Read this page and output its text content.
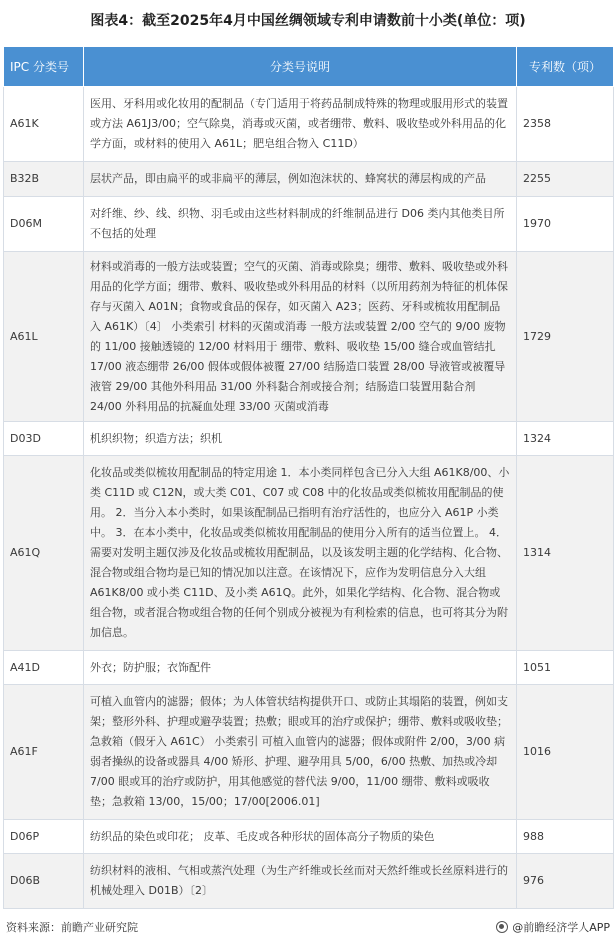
图表4：截至2025年4月中国丝绸领域专利申请数前十小类(单位：项)
IPC 分类号	分类号说明	专利数（项）
A61K	医用、牙科用或化妆用的配制品（专门适用于将药品制成特殊的物理或服用形式的装置或方法 A61J3/00；空气除臭，消毒或灭菌，或者绷带、敷料、吸收垫或外科用品的化学方面，或材料的使用入 A61L；肥皂组合物入 C11D）	2358
B32B	层状产品，即由扁平的或非扁平的薄层，例如泡沫状的、蜂窝状的薄层构成的产品	2255
D06M	对纤维、纱、线、织物、羽毛或由这些材料制成的纤维制品进行 D06 类内其他类目所不包括的处理	1970
A61L	材料或消毒的一般方法或装置；空气的灭菌、消毒或除臭；绷带、敷料、吸收垫或外科用品的化学方面；绷带、敷料、吸收垫或外科用品的材料（以所用药剂为特征的机体保存与灭菌入 A01N；食物或食品的保存，如灭菌入 A23；医药、牙科或梳妆用配制品入 A61K）〔4〕 小类索引 材料的灭菌或消毒 一般方法或装置 2/00 空气的 9/00 废物的 11/00 接触透镜的 12/00 材料用于 绷带、敷料、吸收垫 15/00 缝合或血管结扎 17/00 液态绷带 26/00 假体或假体被覆 27/00 结肠造口装置 28/00 导液管或被覆导液管 29/00 其他外科用品 31/00 外科黏合剂或接合剂；结肠造口装置用黏合剂 24/00 外科用品的抗凝血处理 33/00 灭菌或消毒	1729
D03D	机织织物；织造方法；织机	1324
A61Q	化妆品或类似梳妆用配制品的特定用途 1．本小类同样包含已分入大组 A61K8/00、小类 C11D 或 C12N，或大类 C01、C07 或 C08 中的化妆品或类似梳妆用配制品的使用。 2．当分入本小类时，如果该配制品已指明有治疗活性的，也应分入 A61P 小类中。 3．在本小类中，化妆品或类似梳妆用配制品的使用分入所有的适当位置上。 4．需要对发明主题仅涉及化妆品或梳妆用配制品，以及该发明主题的化学结构、化合物、混合物或组合物均是已知的情况加以注意。在该情况下，应作为发明信息分入大组 A61K8/00 或小类 C11D、及小类 A61Q。此外，如果化学结构、化合物、混合物或组合物，或者混合物或组合物的任何个别成分被视为有利检索的信息，也可将其分为附加信息。	1314
A41D	外衣；防护服；衣饰配件	1051
A61F	可植入血管内的滤器；假体；为人体管状结构提供开口、或防止其塌陷的装置，例如支架；整形外科、护理或避孕装置；热敷；眼或耳的治疗或保护；绷带、敷料或吸收垫；急救箱（假牙入 A61C） 小类索引 可植入血管内的滤器；假体或附件 2/00，3/00 病弱者操纵的设备或器具 4/00 矫形、护理、避孕用具 5/00，6/00 热敷、加热或冷却 7/00 眼或耳的治疗或防护，用其他感觉的替代法 9/00，11/00 绷带、敷料或吸收垫；急救箱 13/00，15/00；17/00[2006.01]	1016
D06P	纺织品的染色或印花； 皮革、毛皮或各种形状的固体高分子物质的染色	988
D06B	纺织材料的液相、气相或蒸汽处理（为生产纤维或长丝而对天然纤维或长丝原料进行的机械处理入 D01B）〔2〕	976
资料来源：前瞻产业研究院	@前瞻经济学人APP
